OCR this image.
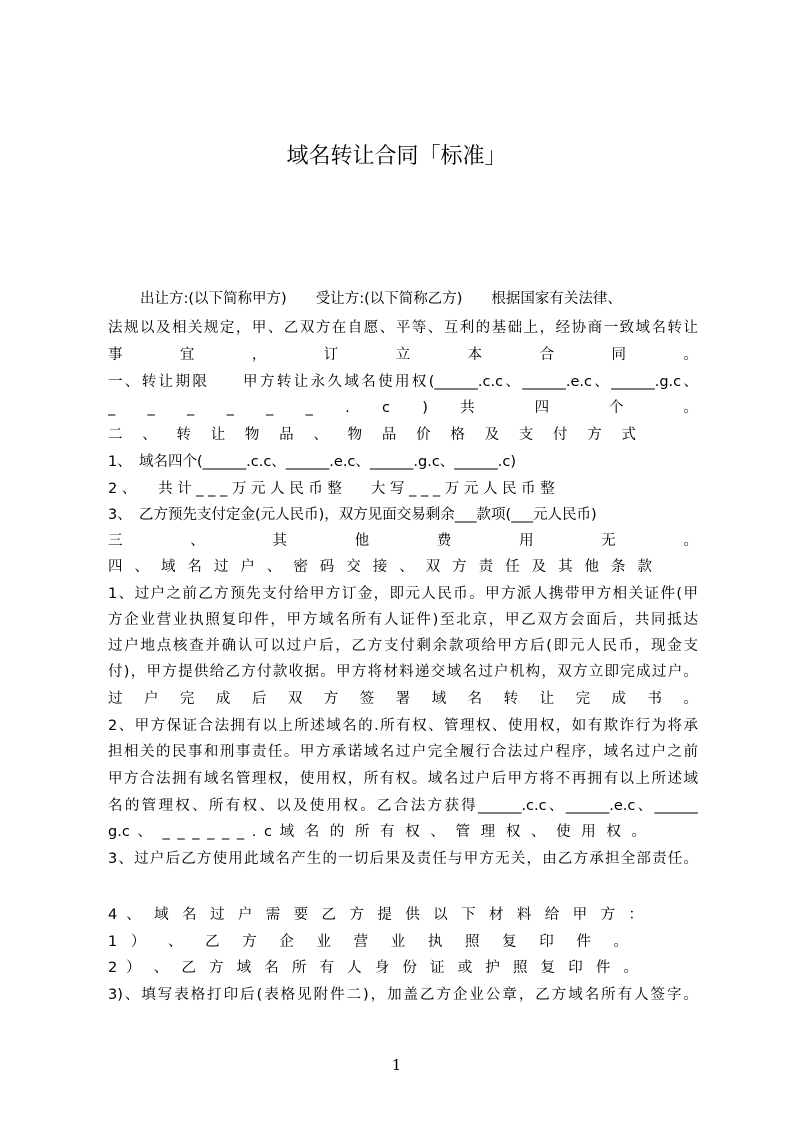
域名转让合同「标准」
出让方:(以下简称甲方)　　受让方:(以下简称乙方)　　根据国家有关法律、
法规以及相关规定，甲、乙双方在自愿、平等、互利的基础上，经协商一致域名转让
事 宜 ， 订 立 本 合 同 。
一、转让期限　　甲方转让永久域名使用权(______.c.c、______.e.c、______.g.c、
_ _ _ _ _ _ . c ) 共 四 个 。
二 、 转 让 物 品 、 物 品 价 格 及 支 付 方 式
1、　域名四个(______.c.c、______.e.c、______.g.c、______.c)
2 、　　共 计 _ _ _ 万 元 人 民 币 整　　大 写 _ _ _ 万 元 人 民 币 整
3、　乙方预先支付定金(元人民币)，双方见面交易剩余___款项(___元人民币)
三 、 其 他 费 用 无 。
四 、 域 名 过 户 、 密 码 交 接 、 双 方 责 任 及 其 他 条 款
1、过户之前乙方预先支付给甲方订金，即元人民币。甲方派人携带甲方相关证件(甲
方企业营业执照复印件，甲方域名所有人证件)至北京，甲乙双方会面后，共同抵达
过户地点核查并确认可以过户后，乙方支付剩余款项给甲方后(即元人民币，现金支
付)，甲方提供给乙方付款收据。甲方将材料递交域名过户机构，双方立即完成过户。
过 户 完 成 后 双 方 签 署 域 名 转 让 完 成 书 。
2、甲方保证合法拥有以上所述域名的.所有权、管理权、使用权，如有欺诈行为将承
担相关的民事和刑事责任。甲方承诺域名过户完全履行合法过户程序，域名过户之前
甲方合法拥有域名管理权，使用权，所有权。域名过户后甲方将不再拥有以上所述域
名的管理权、所有权、以及使用权。乙合法方获得______.c.c、______.e.c、______
g.c 、 _ _ _ _ _ _ . c 域 名 的 所 有 权 、 管 理 权 、 使 用 权 。
3、过户后乙方使用此域名产生的一切后果及责任与甲方无关，由乙方承担全部责任。
4 、 域 名 过 户 需 要 乙 方 提 供 以 下 材 料 给 甲 方 ：
1 ） 、 乙 方 企 业 营 业 执 照 复 印 件 。
2 ） 、 乙 方 域 名 所 有 人 身 份 证 或 护 照 复 印 件 。
3)、填写表格打印后(表格见附件二)，加盖乙方企业公章，乙方域名所有人签字。
1
